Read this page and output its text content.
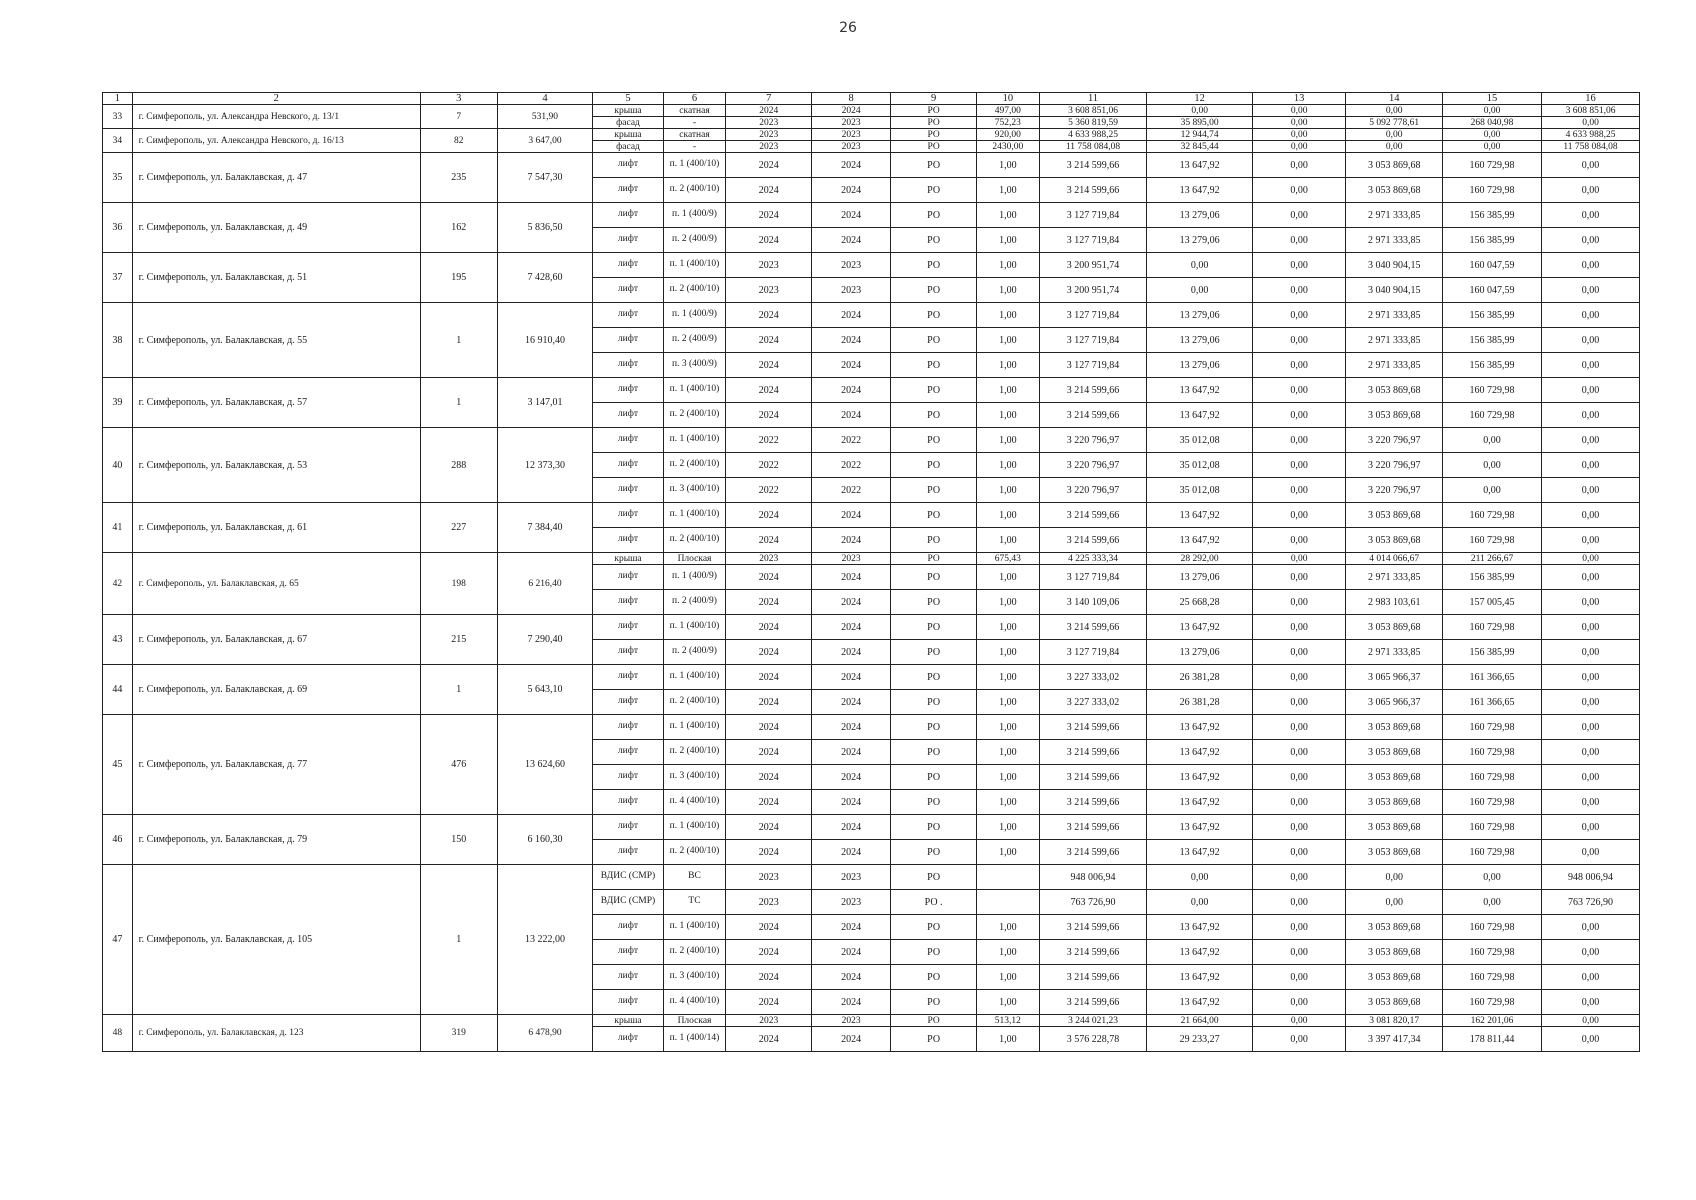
26
1	2	3	4	5	6	7	8	9	10	11	12	13	14	15	16
33	г. Симферополь, ул. Александра Невского, д. 13/1	7	531,90	крыша	скатная	2024	2024	РО	497,00	3 608 851,06	0,00	0,00	0,00	0,00	3 608 851,06
				фасад	-	2023	2023	РО	752,23	5 360 819,59	35 895,00	0,00	5 092 778,61	268 040,98	0,00
34	г. Симферополь, ул. Александра Невского, д. 16/13	82	3 647,00	крыша	скатная	2023	2023	РО	920,00	4 633 988,25	12 944,74	0,00	0,00	0,00	4 633 988,25
				фасад	-	2023	2023	РО	2430,00	11 758 084,08	32 845,44	0,00	0,00	0,00	11 758 084,08
35	г. Симферополь, ул. Балаклавская, д. 47	235	7 547,30	лифт	п. 1 (400/10)	2024	2024	РО	1,00	3 214 599,66	13 647,92	0,00	3 053 869,68	160 729,98	0,00
				лифт	п. 2 (400/10)	2024	2024	РО	1,00	3 214 599,66	13 647,92	0,00	3 053 869,68	160 729,98	0,00
36	г. Симферополь, ул. Балаклавская, д. 49	162	5 836,50	лифт	п. 1 (400/9)	2024	2024	РО	1,00	3 127 719,84	13 279,06	0,00	2 971 333,85	156 385,99	0,00
				лифт	п. 2 (400/9)	2024	2024	РО	1,00	3 127 719,84	13 279,06	0,00	2 971 333,85	156 385,99	0,00
37	г. Симферополь, ул. Балаклавская, д. 51	195	7 428,60	лифт	п. 1 (400/10)	2023	2023	РО	1,00	3 200 951,74	0,00	0,00	3 040 904,15	160 047,59	0,00
				лифт	п. 2 (400/10)	2023	2023	РО	1,00	3 200 951,74	0,00	0,00	3 040 904,15	160 047,59	0,00
38	г. Симферополь, ул. Балаклавская, д. 55	1	16 910,40	лифт	п. 1 (400/9)	2024	2024	РО	1,00	3 127 719,84	13 279,06	0,00	2 971 333,85	156 385,99	0,00
				лифт	п. 2 (400/9)	2024	2024	РО	1,00	3 127 719,84	13 279,06	0,00	2 971 333,85	156 385,99	0,00
				лифт	п. 3 (400/9)	2024	2024	РО	1,00	3 127 719,84	13 279,06	0,00	2 971 333,85	156 385,99	0,00
39	г. Симферополь, ул. Балаклавская, д. 57	1	3 147,01	лифт	п. 1 (400/10)	2024	2024	РО	1,00	3 214 599,66	13 647,92	0,00	3 053 869,68	160 729,98	0,00
				лифт	п. 2 (400/10)	2024	2024	РО	1,00	3 214 599,66	13 647,92	0,00	3 053 869,68	160 729,98	0,00
40	г. Симферополь, ул. Балаклавская, д. 53	288	12 373,30	лифт	п. 1 (400/10)	2022	2022	РО	1,00	3 220 796,97	35 012,08	0,00	3 220 796,97	0,00	0,00
				лифт	п. 2 (400/10)	2022	2022	РО	1,00	3 220 796,97	35 012,08	0,00	3 220 796,97	0,00	0,00
				лифт	п. 3 (400/10)	2022	2022	РО	1,00	3 220 796,97	35 012,08	0,00	3 220 796,97	0,00	0,00
41	г. Симферополь, ул. Балаклавская, д. 61	227	7 384,40	лифт	п. 1 (400/10)	2024	2024	РО	1,00	3 214 599,66	13 647,92	0,00	3 053 869,68	160 729,98	0,00
				лифт	п. 2 (400/10)	2024	2024	РО	1,00	3 214 599,66	13 647,92	0,00	3 053 869,68	160 729,98	0,00
42	г. Симферополь, ул. Балаклавская, д. 65	198	6 216,40	крыша	Плоская	2023	2023	РО	675,43	4 225 333,34	28 292,00	0,00	4 014 066,67	211 266,67	0,00
				лифт	п. 1 (400/9)	2024	2024	РО	1,00	3 127 719,84	13 279,06	0,00	2 971 333,85	156 385,99	0,00
				лифт	п. 2 (400/9)	2024	2024	РО	1,00	3 140 109,06	25 668,28	0,00	2 983 103,61	157 005,45	0,00
43	г. Симферополь, ул. Балаклавская, д. 67	215	7 290,40	лифт	п. 1 (400/10)	2024	2024	РО	1,00	3 214 599,66	13 647,92	0,00	3 053 869,68	160 729,98	0,00
				лифт	п. 2 (400/9)	2024	2024	РО	1,00	3 127 719,84	13 279,06	0,00	2 971 333,85	156 385,99	0,00
44	г. Симферополь, ул. Балаклавская, д. 69	1	5 643,10	лифт	п. 1 (400/10)	2024	2024	РО	1,00	3 227 333,02	26 381,28	0,00	3 065 966,37	161 366,65	0,00
				лифт	п. 2 (400/10)	2024	2024	РО	1,00	3 227 333,02	26 381,28	0,00	3 065 966,37	161 366,65	0,00
45	г. Симферополь, ул. Балаклавская, д. 77	476	13 624,60	лифт	п. 1 (400/10)	2024	2024	РО	1,00	3 214 599,66	13 647,92	0,00	3 053 869,68	160 729,98	0,00
				лифт	п. 2 (400/10)	2024	2024	РО	1,00	3 214 599,66	13 647,92	0,00	3 053 869,68	160 729,98	0,00
				лифт	п. 3 (400/10)	2024	2024	РО	1,00	3 214 599,66	13 647,92	0,00	3 053 869,68	160 729,98	0,00
				лифт	п. 4 (400/10)	2024	2024	РО	1,00	3 214 599,66	13 647,92	0,00	3 053 869,68	160 729,98	0,00
46	г. Симферополь, ул. Балаклавская, д. 79	150	6 160,30	лифт	п. 1 (400/10)	2024	2024	РО	1,00	3 214 599,66	13 647,92	0,00	3 053 869,68	160 729,98	0,00
				лифт	п. 2 (400/10)	2024	2024	РО	1,00	3 214 599,66	13 647,92	0,00	3 053 869,68	160 729,98	0,00
47	г. Симферополь, ул. Балаклавская, д. 105	1	13 222,00	ВДИС (СМР)	ВС	2023	2023	РО		948 006,94	0,00	0,00	0,00	0,00	948 006,94
				ВДИС (СМР)	ТС	2023	2023	РО .		763 726,90	0,00	0,00	0,00	0,00	763 726,90
				лифт	п. 1 (400/10)	2024	2024	РО	1,00	3 214 599,66	13 647,92	0,00	3 053 869,68	160 729,98	0,00
				лифт	п. 2 (400/10)	2024	2024	РО	1,00	3 214 599,66	13 647,92	0,00	3 053 869,68	160 729,98	0,00
				лифт	п. 3 (400/10)	2024	2024	РО	1,00	3 214 599,66	13 647,92	0,00	3 053 869,68	160 729,98	0,00
				лифт	п. 4 (400/10)	2024	2024	РО	1,00	3 214 599,66	13 647,92	0,00	3 053 869,68	160 729,98	0,00
48	г. Симферополь, ул. Балаклавская, д. 123	319	6 478,90	крыша	Плоская	2023	2023	РО	513,12	3 244 021,23	21 664,00	0,00	3 081 820,17	162 201,06	0,00
				лифт	п. 1 (400/14)	2024	2024	РО	1,00	3 576 228,78	29 233,27	0,00	3 397 417,34	178 811,44	0,00
